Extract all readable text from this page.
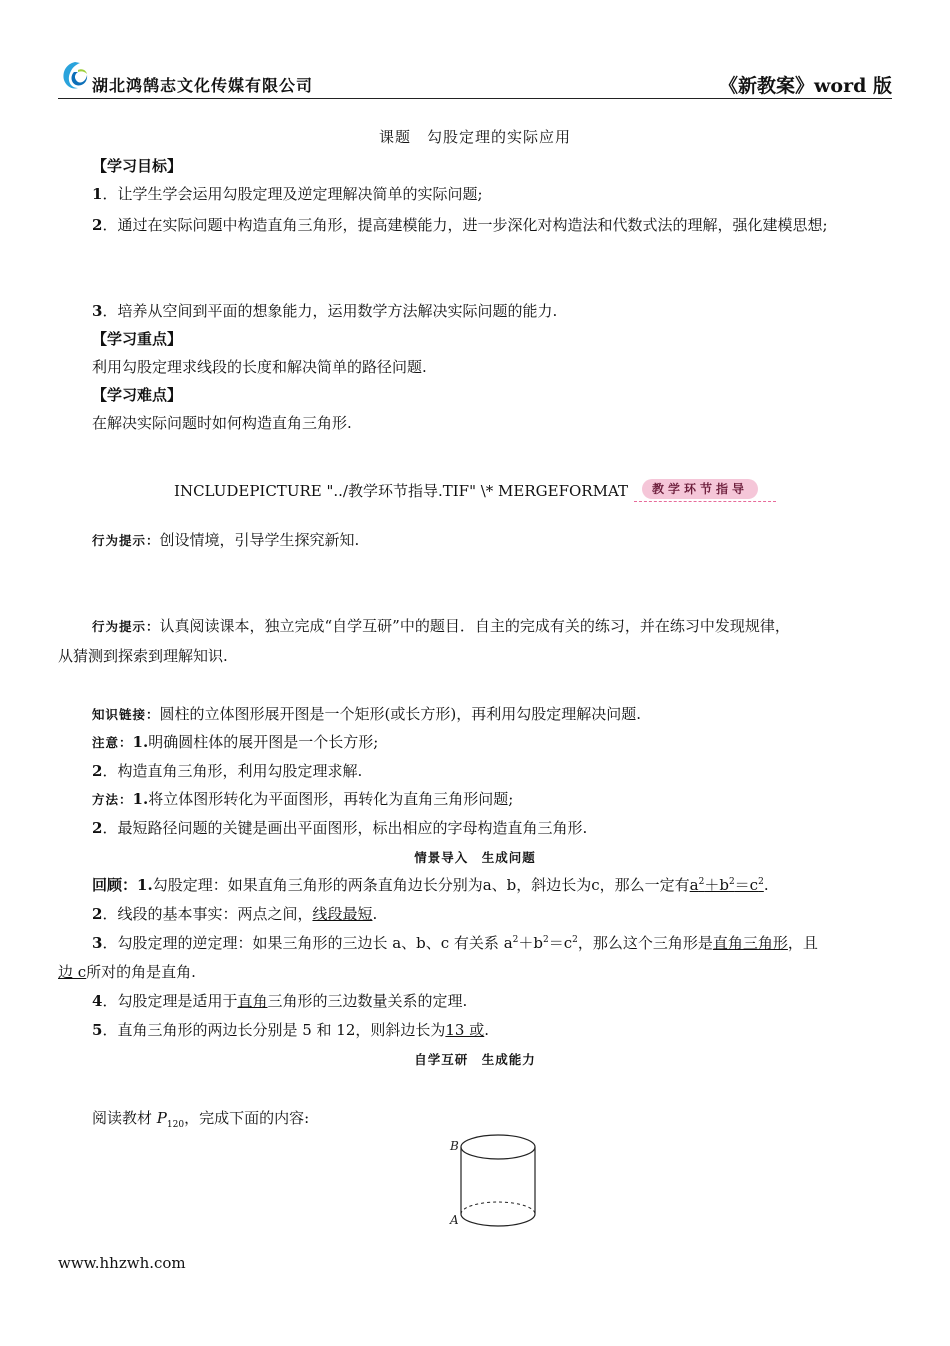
湖北鸿鹄志文化传媒有限公司	《新教案》word 版
课题　勾股定理的实际应用
【学习目标】
1．让学生学会运用勾股定理及逆定理解决简单的实际问题;
2．通过在实际问题中构造直角三角形，提高建模能力，进一步深化对构造法和代数式法的理解，强化建模思想;
3．培养从空间到平面的想象能力，运用数学方法解决实际问题的能力.
【学习重点】
利用勾股定理求线段的长度和解决简单的路径问题.
【学习难点】
在解决实际问题时如何构造直角三角形.
INCLUDEPICTURE "../教学环节指导.TIF" \* MERGEFORMAT	教学环节指导
行为提示：创设情境，引导学生探究新知.
行为提示：认真阅读课本，独立完成“自学互研”中的题目．自主的完成有关的练习，并在练习中发现规律，
从猜测到探索到理解知识.
知识链接：圆柱的立体图形展开图是一个矩形(或长方形)，再利用勾股定理解决问题.
注意：1.明确圆柱体的展开图是一个长方形;
2．构造直角三角形，利用勾股定理求解.
方法：1.将立体图形转化为平面图形，再转化为直角三角形问题;
2．最短路径问题的关键是画出平面图形，标出相应的字母构造直角三角形.
情景导入　生成问题
回顾：1.勾股定理：如果直角三角形的两条直角边长分别为a、b，斜边长为c，那么一定有$a^2+b^2=c^2$.
2．线段的基本事实：两点之间，线段最短.
3．勾股定理的逆定理：如果三角形的三边长 a、b、c 有关系 $a^2+b^2=c^2$，那么这个三角形是直角三角形，且
边 c所对的角是直角.
4．勾股定理是适用于直角三角形的三边数量关系的定理.
5．直角三角形的两边长分别是 5 和 12，则斜边长为13 或.
自学互研　生成能力
阅读教材 $P_{120}$，完成下面的内容:
B
A
www.hhzwh.com
